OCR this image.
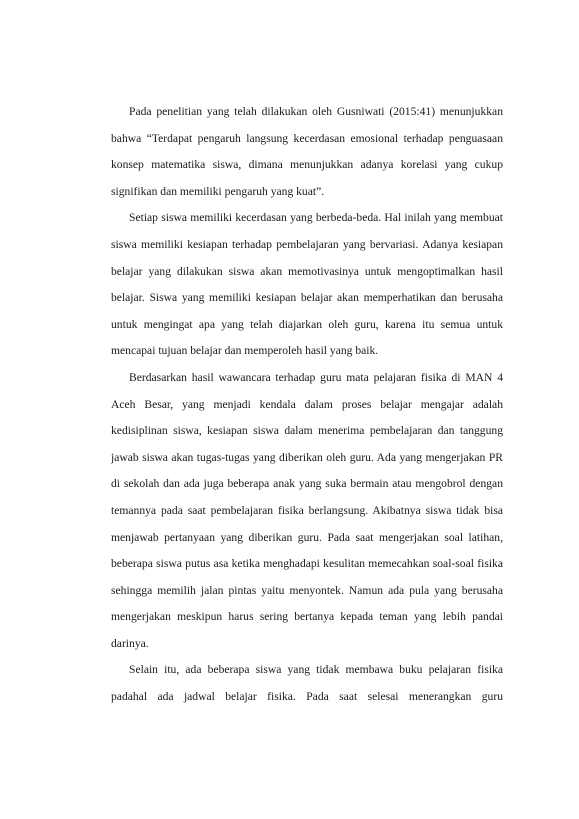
Pada penelitian yang telah dilakukan oleh Gusniwati (2015:41) menunjukkan
bahwa “Terdapat pengaruh langsung kecerdasan emosional terhadap penguasaan
konsep matematika siswa, dimana menunjukkan adanya korelasi yang cukup
signifikan dan memiliki pengaruh yang kuat”.
Setiap siswa memiliki kecerdasan yang berbeda-beda. Hal inilah yang membuat
siswa memiliki kesiapan terhadap pembelajaran yang bervariasi. Adanya kesiapan
belajar yang dilakukan siswa akan memotivasinya untuk mengoptimalkan hasil
belajar. Siswa yang memiliki kesiapan belajar akan memperhatikan dan berusaha
untuk mengingat apa yang telah diajarkan oleh guru, karena itu semua untuk
mencapai tujuan belajar dan memperoleh hasil yang baik.
Berdasarkan hasil wawancara terhadap guru mata pelajaran fisika di MAN 4
Aceh Besar, yang menjadi kendala dalam proses belajar mengajar adalah
kedisiplinan siswa, kesiapan siswa dalam menerima pembelajaran dan tanggung
jawab siswa akan tugas-tugas yang diberikan oleh guru. Ada yang mengerjakan PR
di sekolah dan ada juga beberapa anak yang suka bermain atau mengobrol dengan
temannya pada saat pembelajaran fisika berlangsung. Akibatnya siswa tidak bisa
menjawab pertanyaan yang diberikan guru. Pada saat mengerjakan soal latihan,
beberapa siswa putus asa ketika menghadapi kesulitan memecahkan soal-soal fisika
sehingga memilih jalan pintas yaitu menyontek. Namun ada pula yang berusaha
mengerjakan meskipun harus sering bertanya kepada teman yang lebih pandai
darinya.
Selain itu, ada beberapa siswa yang tidak membawa buku pelajaran fisika
padahal ada jadwal belajar fisika. Pada saat selesai menerangkan guru
